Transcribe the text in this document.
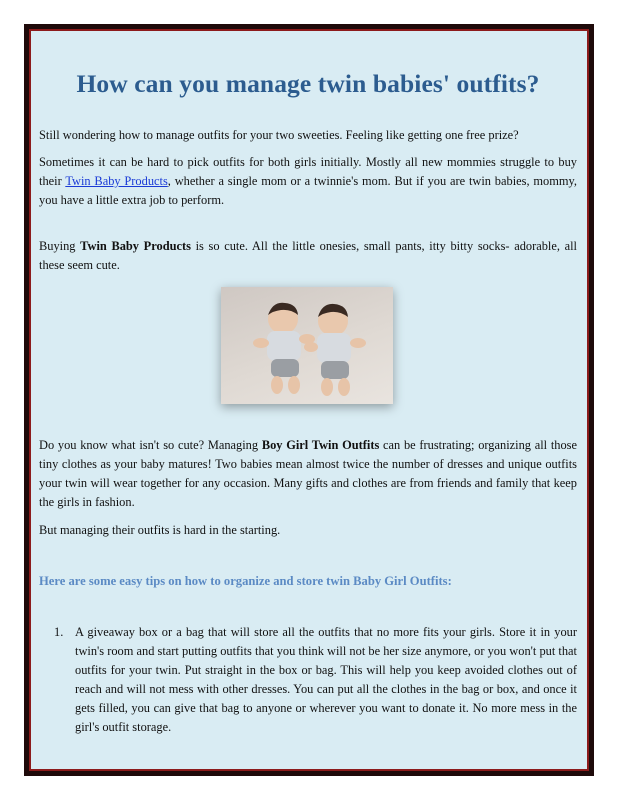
How can you manage twin babies' outfits?

Still wondering how to manage outfits for your two sweeties. Feeling like getting one free prize?

Sometimes it can be hard to pick outfits for both girls initially. Mostly all new mommies struggle to buy their Twin Baby Products, whether a single mom or a twinnie's mom. But if you are twin babies, mommy, you have a little extra job to perform.

Buying Twin Baby Products is so cute. All the little onesies, small pants, itty bitty socks- adorable, all these seem cute.

Do you know what isn't so cute? Managing Boy Girl Twin Outfits can be frustrating; organizing all those tiny clothes as your baby matures! Two babies mean almost twice the number of dresses and unique outfits your twin will wear together for any occasion. Many gifts and clothes are from friends and family that keep the girls in fashion.

But managing their outfits is hard in the starting.

Here are some easy tips on how to organize and store twin Baby Girl Outfits:
1. A giveaway box or a bag that will store all the outfits that no more fits your girls. Store it in your twin's room and start putting outfits that you think will not be her size anymore, or you won't put that outfits for your twin. Put straight in the box or bag. This will help you keep avoided clothes out of reach and will not mess with other dresses. You can put all the clothes in the bag or box, and once it gets filled, you can give that bag to anyone or wherever you want to donate it. No more mess in the girl's outfit storage.
